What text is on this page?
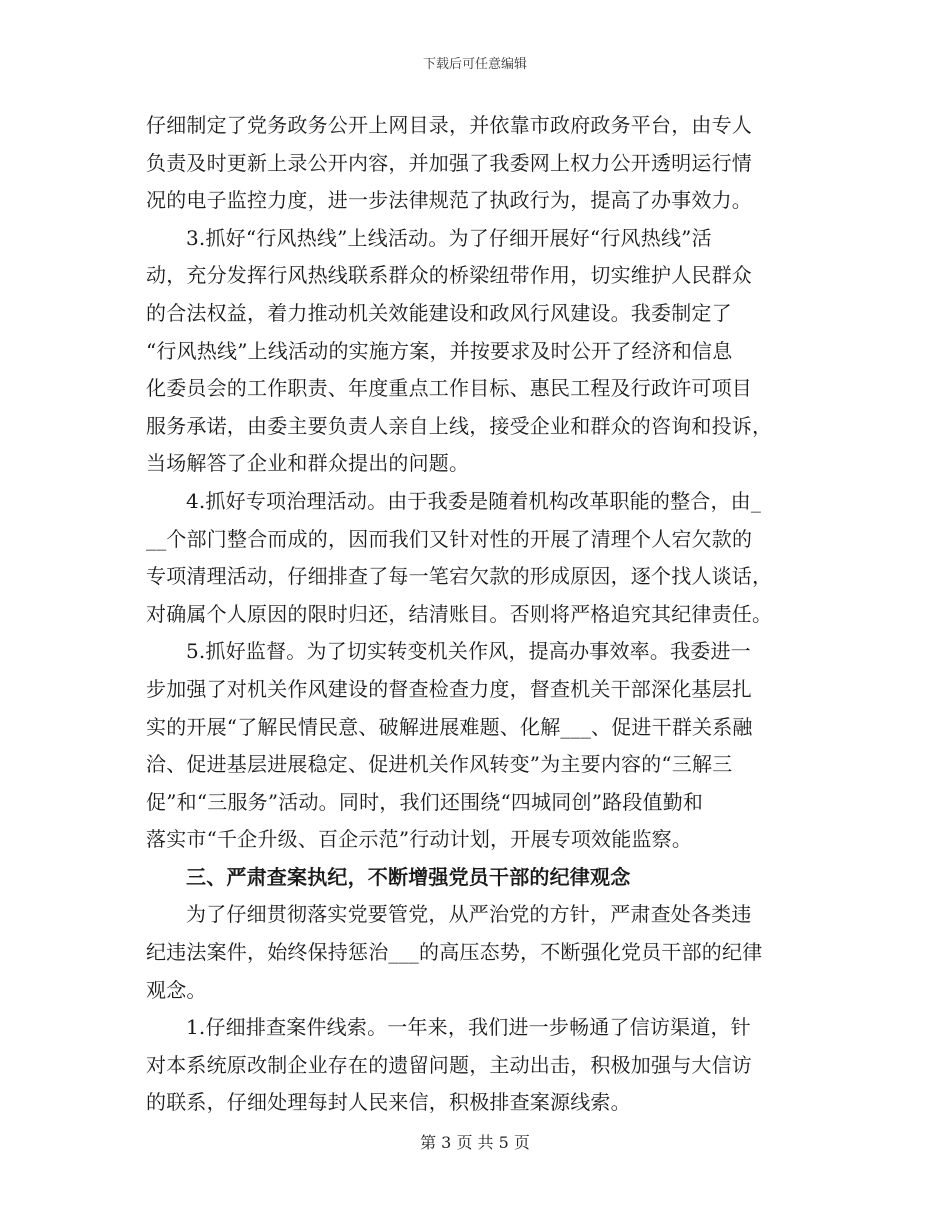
下载后可任意编辑
仔细制定了党务政务公开上网目录，并依靠市政府政务平台，由专人
负责及时更新上录公开内容，并加强了我委网上权力公开透明运行情
况的电子监控力度，进一步法律规范了执政行为，提高了办事效力。
3.抓好“行风热线”上线活动。为了仔细开展好“行风热线”活
动，充分发挥行风热线联系群众的桥梁纽带作用，切实维护人民群众
的合法权益，着力推动机关效能建设和政风行风建设。我委制定了
“行风热线”上线活动的实施方案，并按要求及时公开了经济和信息
化委员会的工作职责、年度重点工作目标、惠民工程及行政许可项目
服务承诺，由委主要负责人亲自上线，接受企业和群众的咨询和投诉，
当场解答了企业和群众提出的问题。
4.抓好专项治理活动。由于我委是随着机构改革职能的整合，由_
__个部门整合而成的，因而我们又针对性的开展了清理个人宕欠款的
专项清理活动，仔细排查了每一笔宕欠款的形成原因，逐个找人谈话，
对确属个人原因的限时归还，结清账目。否则将严格追究其纪律责任。
5.抓好监督。为了切实转变机关作风，提高办事效率。我委进一
步加强了对机关作风建设的督查检查力度，督查机关干部深化基层扎
实的开展“了解民情民意、破解进展难题、化解___、促进干群关系融
洽、促进基层进展稳定、促进机关作风转变”为主要内容的“三解三
促”和“三服务”活动。同时，我们还围绕“四城同创”路段值勤和
落实市“千企升级、百企示范”行动计划，开展专项效能监察。
三、严肃查案执纪，不断增强党员干部的纪律观念
为了仔细贯彻落实党要管党，从严治党的方针，严肃查处各类违
纪违法案件，始终保持惩治___的高压态势，不断强化党员干部的纪律
观念。
1.仔细排查案件线索。一年来，我们进一步畅通了信访渠道，针
对本系统原改制企业存在的遗留问题，主动出击，积极加强与大信访
的联系，仔细处理每封人民来信，积极排查案源线索。
第 3 页 共 5 页
